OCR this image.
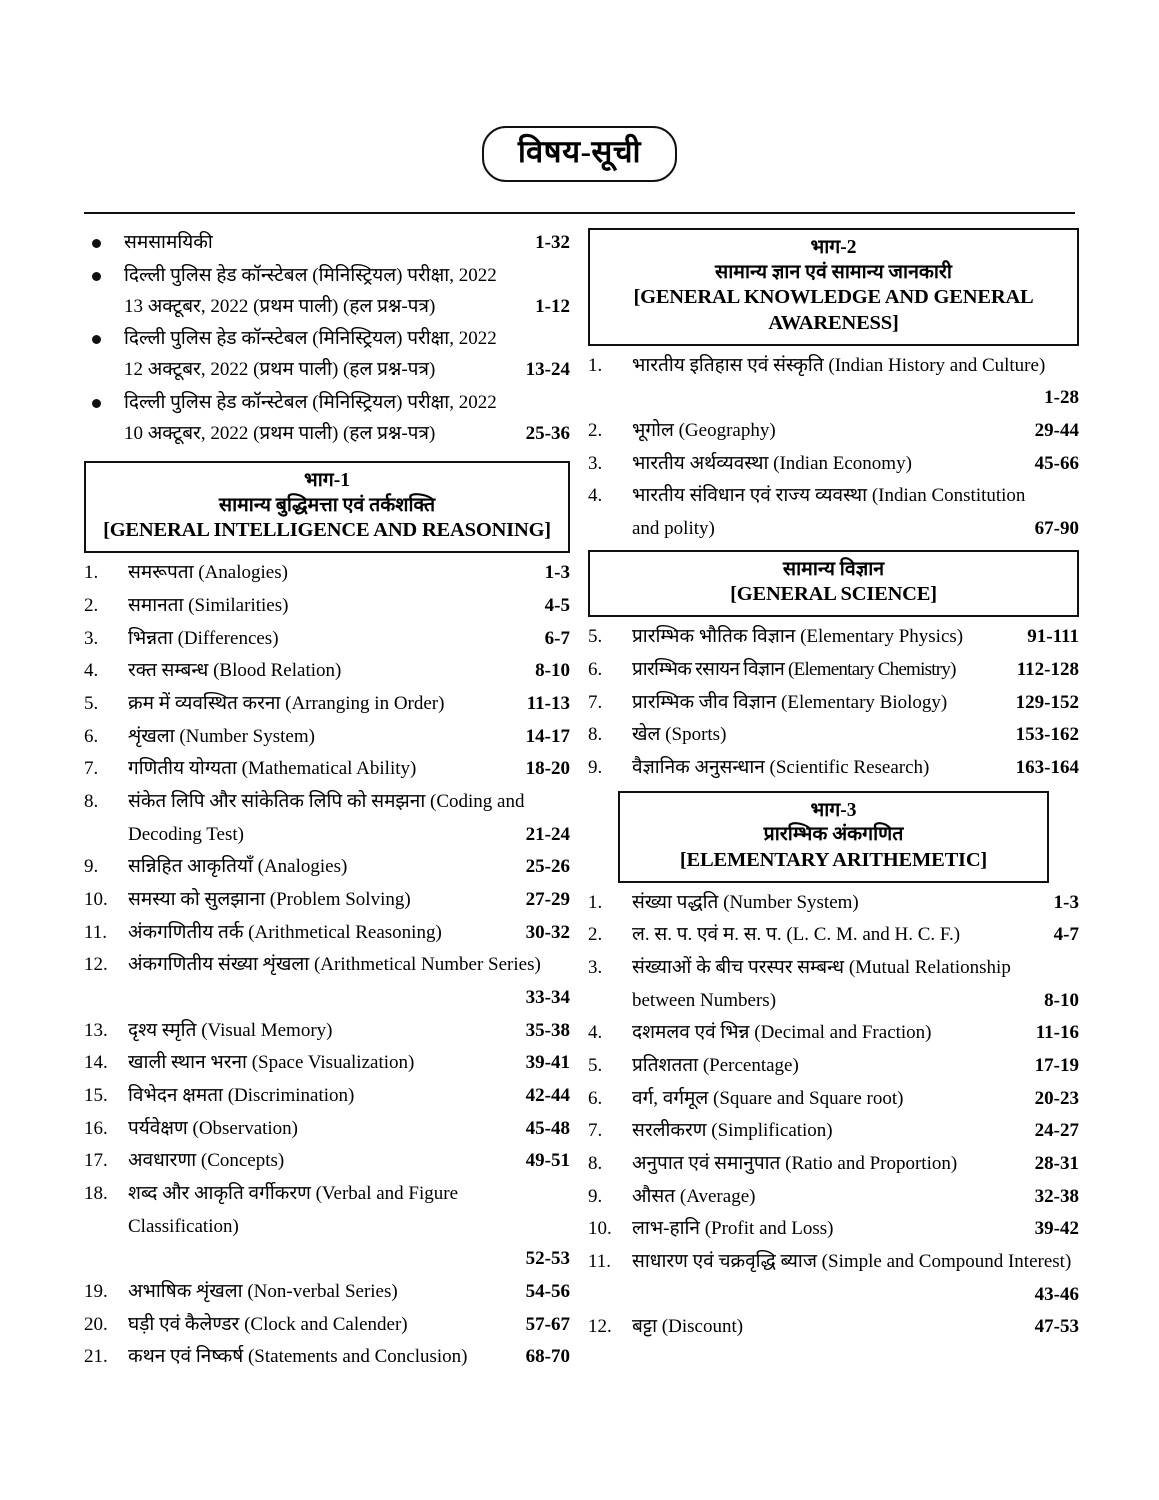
विषय-सूची
समसामयिकी	1-32
दिल्ली पुलिस हेड कॉन्स्टेबल (मिनिस्ट्रियल) परीक्षा, 2022
13 अक्टूबर, 2022 (प्रथम पाली) (हल प्रश्न-पत्र)	1-12
दिल्ली पुलिस हेड कॉन्स्टेबल (मिनिस्ट्रियल) परीक्षा, 2022
12 अक्टूबर, 2022 (प्रथम पाली) (हल प्रश्न-पत्र)	13-24
दिल्ली पुलिस हेड कॉन्स्टेबल (मिनिस्ट्रियल) परीक्षा, 2022
10 अक्टूबर, 2022 (प्रथम पाली) (हल प्रश्न-पत्र)	25-36
भाग-1
सामान्य बुद्धिमत्ता एवं तर्कशक्ति
[GENERAL INTELLIGENCE AND REASONING]
1.	समरूपता (Analogies)	1-3
2.	समानता (Similarities)	4-5
3.	भिन्नता (Differences)	6-7
4.	रक्त सम्बन्ध (Blood Relation)	8-10
5.	क्रम में व्यवस्थित करना (Arranging in Order)	11-13
6.	शृंखला (Number System)	14-17
7.	गणितीय योग्यता (Mathematical Ability)	18-20
8.	संकेत लिपि और सांकेतिक लिपि को समझना (Coding and
Decoding Test)	21-24
9.	सन्निहित आकृतियाँ (Analogies)	25-26
10.	समस्या को सुलझाना (Problem Solving)	27-29
11.	अंकगणितीय तर्क (Arithmetical Reasoning)	30-32
12.	अंकगणितीय संख्या शृंखला (Arithmetical Number Series)
33-34
13.	दृश्य स्मृति (Visual Memory)	35-38
14.	खाली स्थान भरना (Space Visualization)	39-41
15.	विभेदन क्षमता (Discrimination)	42-44
16.	पर्यवेक्षण (Observation)	45-48
17.	अवधारणा (Concepts)	49-51
18.	शब्द और आकृति वर्गीकरण (Verbal and Figure Classification)
52-53
19.	अभाषिक शृंखला (Non-verbal Series)	54-56
20.	घड़ी एवं कैलेण्डर (Clock and Calender)	57-67
21.	कथन एवं निष्कर्ष (Statements and Conclusion)	68-70
भाग-2
सामान्य ज्ञान एवं सामान्य जानकारी
[GENERAL KNOWLEDGE AND GENERAL
AWARENESS]
1.	भारतीय इतिहास एवं संस्कृति (Indian History and Culture)
1-28
2.	भूगोल (Geography)	29-44
3.	भारतीय अर्थव्यवस्था (Indian Economy)	45-66
4.	भारतीय संविधान एवं राज्य व्यवस्था (Indian Constitution
and polity)	67-90
सामान्य विज्ञान
[GENERAL SCIENCE]
5.	प्रारम्भिक भौतिक विज्ञान (Elementary Physics)	91-111
6.	प्रारम्भिक रसायन विज्ञान (Elementary Chemistry)	112-128
7.	प्रारम्भिक जीव विज्ञान (Elementary Biology)	129-152
8.	खेल (Sports)	153-162
9.	वैज्ञानिक अनुसन्धान (Scientific Research)	163-164
भाग-3
प्रारम्भिक अंकगणित
[ELEMENTARY ARITHEMETIC]
1.	संख्या पद्धति (Number System)	1-3
2.	ल. स. प. एवं म. स. प. (L. C. M. and H. C. F.)	4-7
3.	संख्याओं के बीच परस्पर सम्बन्ध (Mutual Relationship
between Numbers)	8-10
4.	दशमलव एवं भिन्न (Decimal and Fraction)	11-16
5.	प्रतिशतता (Percentage)	17-19
6.	वर्ग, वर्गमूल (Square and Square root)	20-23
7.	सरलीकरण (Simplification)	24-27
8.	अनुपात एवं समानुपात (Ratio and Proportion)	28-31
9.	औसत (Average)	32-38
10.	लाभ-हानि (Profit and Loss)	39-42
11.	साधारण एवं चक्रवृद्धि ब्याज (Simple and Compound Interest)
43-46
12.	बट्टा (Discount)	47-53
